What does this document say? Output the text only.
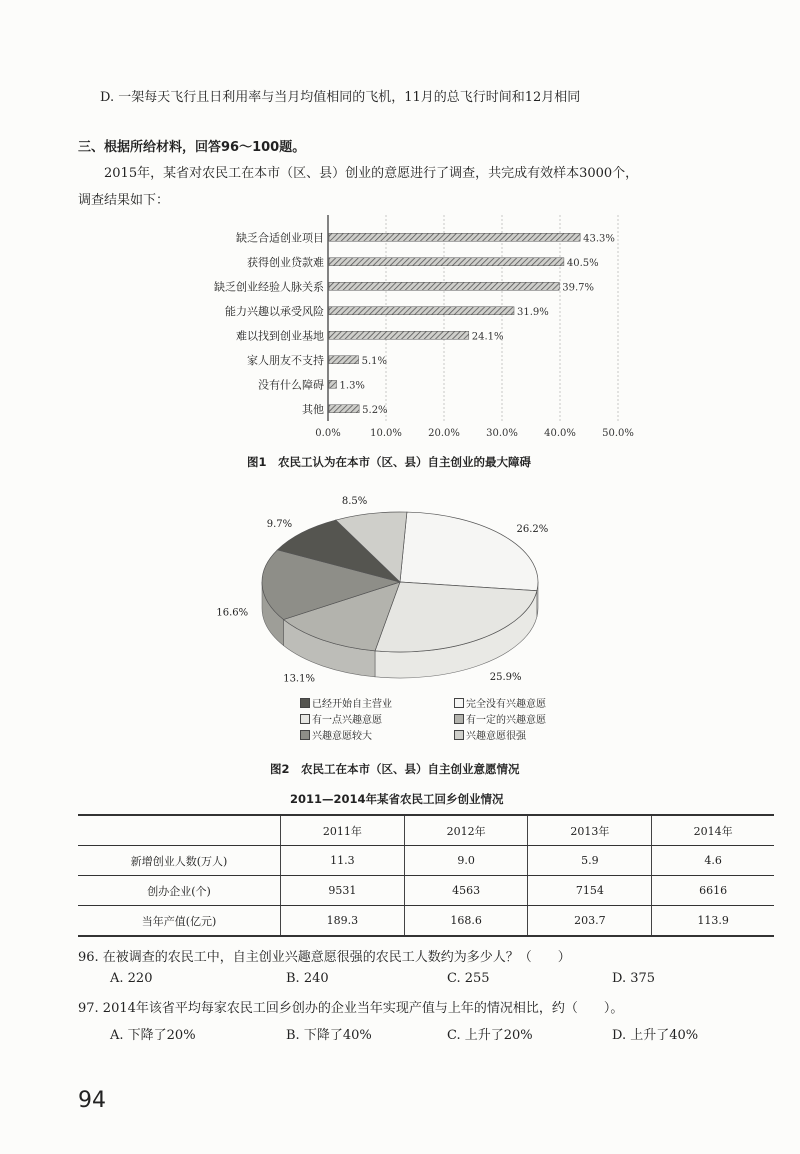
D. 一架每天飞行且日利用率与当月均值相同的飞机，11月的总飞行时间和12月相同
三、根据所给材料，回答96～100题。
2015年，某省对农民工在本市（区、县）创业的意愿进行了调查，共完成有效样本3000个，
调查结果如下：
缺乏合适创业项目
获得创业贷款难
缺乏创业经验人脉关系
能力兴趣以承受风险
难以找到创业基地
家人朋友不支持
没有什么障碍
其他
43.3%
40.5%
39.7%
31.9%
24.1%
5.1%
1.3%
5.2%
0.0%	10.0%	20.0%	30.0%	40.0%	50.0%
图1　农民工认为在本市（区、县）自主创业的最大障碍
26.2%
25.9%
13.1%
16.6%
9.7%
8.5%
已经开始自主营业	完全没有兴趣意愿
有一点兴趣意愿	有一定的兴趣意愿
兴趣意愿较大	兴趣意愿很强
图2　农民工在本市（区、县）自主创业意愿情况
2011—2014年某省农民工回乡创业情况
	2011年	2012年	2013年	2014年
新增创业人数(万人)	11.3	9.0	5.9	4.6
创办企业(个)	9531	4563	7154	6616
当年产值(亿元)	189.3	168.6	203.7	113.9
96. 在被调查的农民工中，自主创业兴趣意愿很强的农民工人数约为多少人？（　　）
A. 220	B. 240	C. 255	D. 375
97. 2014年该省平均每家农民工回乡创办的企业当年实现产值与上年的情况相比，约（　　）。
A. 下降了20%	B. 下降了40%	C. 上升了20%	D. 上升了40%
94
